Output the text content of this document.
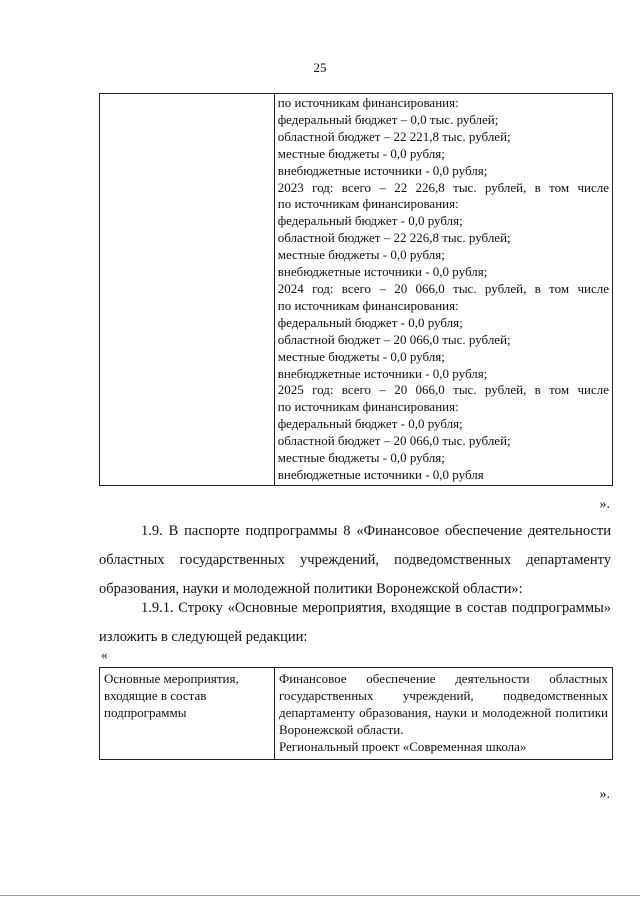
25

по источникам финансирования:
федеральный бюджет – 0,0 тыс. рублей;
областной бюджет – 22 221,8 тыс. рублей;
местные бюджеты - 0,0 рубля;
внебюджетные источники - 0,0 рубля;
2023 год: всего – 22 226,8 тыс. рублей, в том числе
по источникам финансирования:
федеральный бюджет - 0,0 рубля;
областной бюджет – 22 226,8 тыс. рублей;
местные бюджеты - 0,0 рубля;
внебюджетные источники - 0,0 рубля;
2024 год: всего – 20 066,0 тыс. рублей, в том числе
по источникам финансирования:
федеральный бюджет - 0,0 рубля;
областной бюджет – 20 066,0 тыс. рублей;
местные бюджеты - 0,0 рубля;
внебюджетные источники - 0,0 рубля;
2025 год: всего – 20 066,0 тыс. рублей, в том числе
по источникам финансирования:
федеральный бюджет - 0,0 рубля;
областной бюджет – 20 066,0 тыс. рублей;
местные бюджеты - 0,0 рубля;
внебюджетные источники - 0,0 рубля
».
1.9. В паспорте подпрограммы 8 «Финансовое обеспечение деятельности
областных государственных учреждений, подведомственных департаменту
образования, науки и молодежной политики Воронежской области»:
1.9.1. Строку «Основные мероприятия, входящие в состав подпрограммы»
изложить в следующей редакции:
«
Основные мероприятия, входящие в состав подпрограммы	Финансовое обеспечение деятельности областных государственных учреждений, подведомственных департаменту образования, науки и молодежной политики Воронежской области.
Региональный проект «Современная школа»
».
